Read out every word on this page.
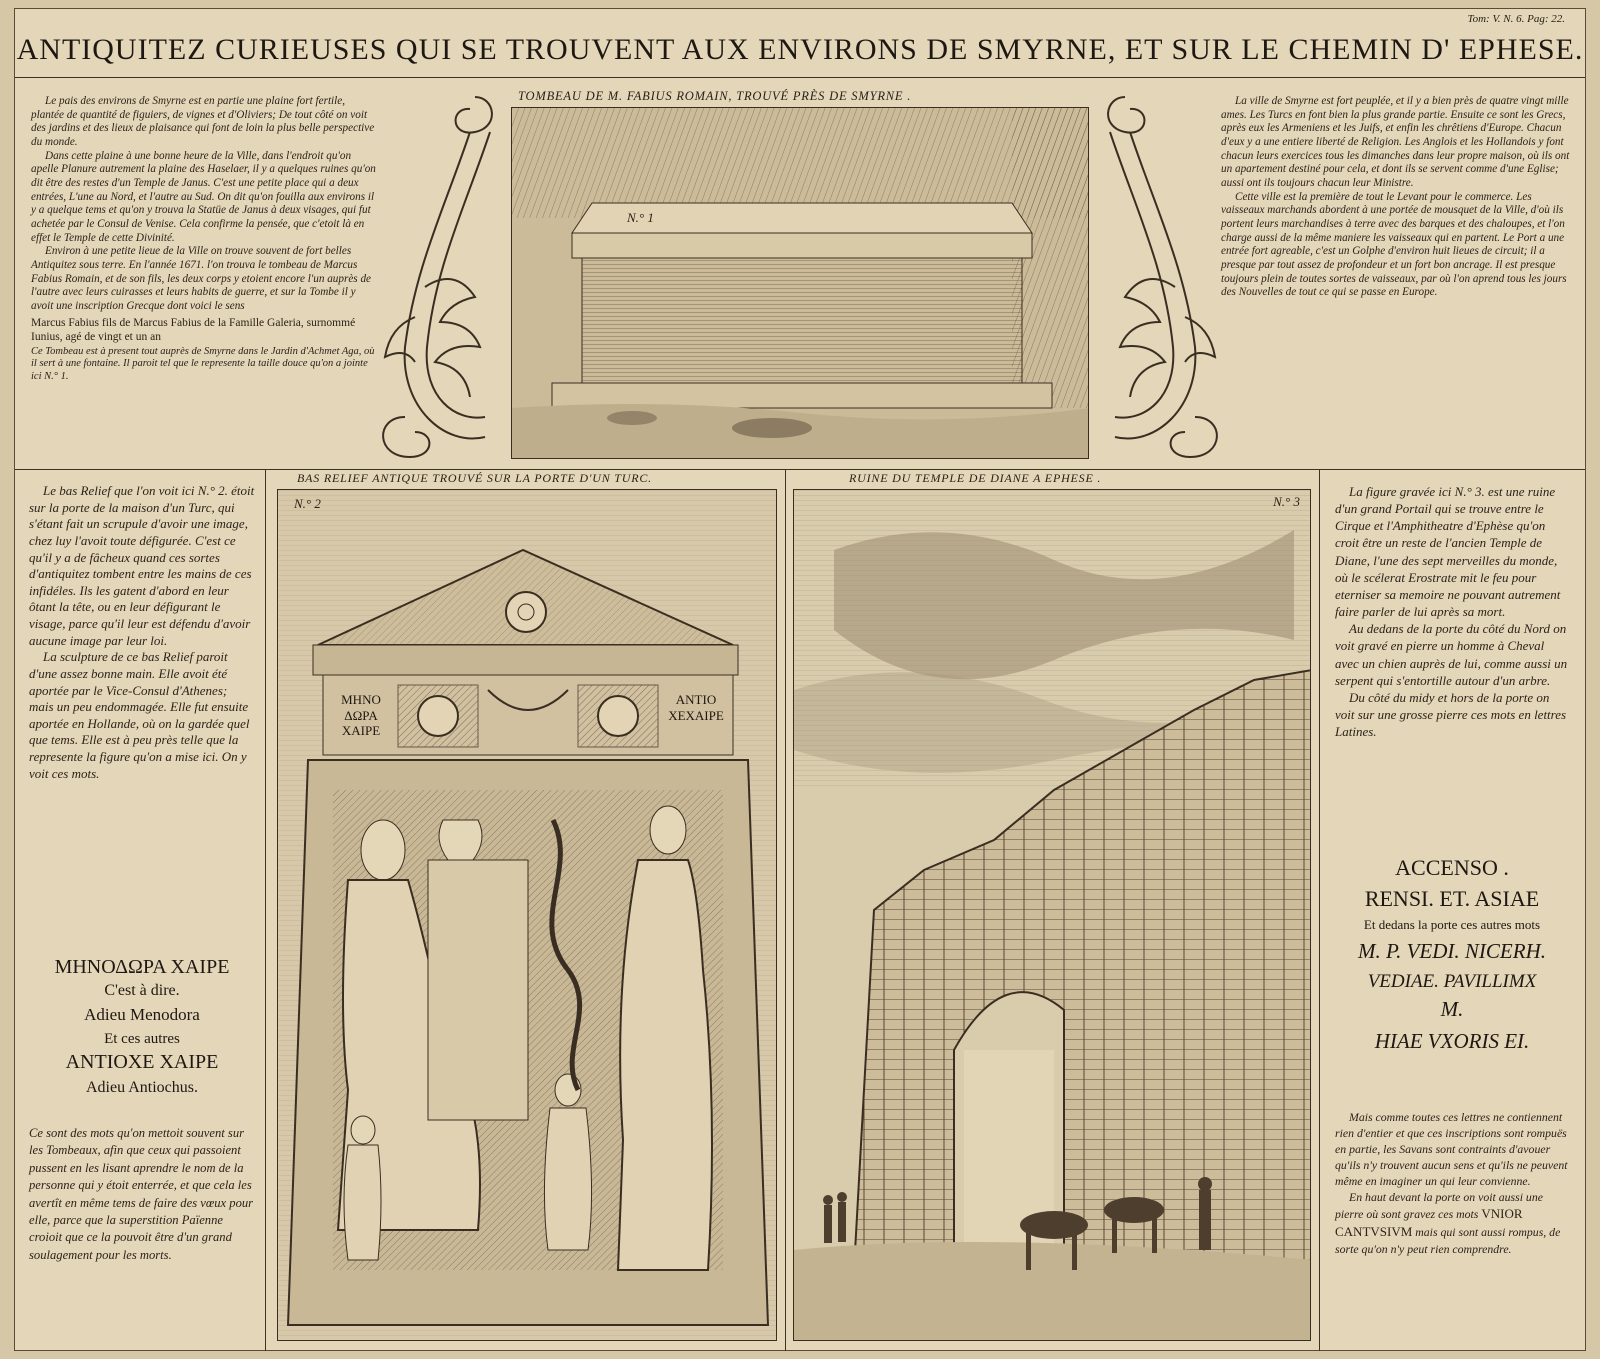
Tom: V. N. 6. Pag: 22.
ANTIQUITEZ CURIEUSES QUI SE TROUVENT AUX ENVIRONS DE SMYRNE, ET SUR LE CHEMIN D' EPHESE.

Le pais des environs de Smyrne est en partie une plaine fort fertile, plantée de quantité de figuiers, de vignes et d'Oliviers; De tout côté on voit des jardins et des lieux de plaisance qui font de loin la plus belle perspective du monde.

Dans cette plaine à une bonne heure de la Ville, dans l'endroit qu'on apelle Planure autrement la plaine des Haselaer, il y a quelques ruines qu'on dit être des restes d'un Temple de Janus. C'est une petite place qui a deux entrées, L'une au Nord, et l'autre au Sud. On dit qu'on fouilla aux environs il y a quelque tems et qu'on y trouva la Statüe de Janus à deux visages, qui fut achetée par le Consul de Venise. Cela confirme la pensée, que c'etoit là en effet le Temple de cette Divinité.

Environ à une petite lieue de la Ville on trouve souvent de fort belles Antiquitez sous terre. En l'année 1671. l'on trouva le tombeau de Marcus Fabius Romain, et de son fils, les deux corps y etoient encore l'un auprès de l'autre avec leurs cuirasses et leurs habits de guerre, et sur la Tombe il y avoit une inscription Grecque dont voici le sens

Marcus Fabius fils de Marcus Fabius de la Famille Galeria, surnommé Iunius, agé de vingt et un an
Ce Tombeau est à present tout auprès de Smyrne dans le Jardin d'Achmet Aga, où il sert à une fontaine. Il paroit tel que le represente la taille douce qu'on a jointe ici N.° 1.
TOMBEAU DE M. FABIUS ROMAIN, TROUVÉ PRÈS DE SMYRNE .
N.° 1

La ville de Smyrne est fort peuplée, et il y a bien près de quatre vingt mille ames. Les Turcs en font bien la plus grande partie. Ensuite ce sont les Grecs, après eux les Armeniens et les Juifs, et enfin les chrêtiens d'Europe. Chacun d'eux y a une entiere liberté de Religion. Les Anglois et les Hollandois y font chacun leurs exercices tous les dimanches dans leur propre maison, où ils ont un apartement destiné pour cela, et dont ils se servent comme d'une Eglise; aussi ont ils toujours chacun leur Ministre.

Cette ville est la première de tout le Levant pour le commerce. Les vaisseaux marchands abordent à une portée de mousquet de la Ville, d'où ils portent leurs marchandises à terre avec des barques et des chaloupes, et l'on charge aussi de la même maniere les vaisseaux qui en partent. Le Port a une entrée fort agreable, c'est un Golphe d'environ huit lieues de circuit; il a presque par tout assez de profondeur et un fort bon ancrage. Il est presque toujours plein de toutes sortes de vaisseaux, par où l'on aprend tous les jours des Nouvelles de tout ce qui se passe en Europe.

Le bas Relief que l'on voit ici N.° 2. étoit sur la porte de la maison d'un Turc, qui s'étant fait un scrupule d'avoir une image, chez luy l'avoit toute défigurée. C'est ce qu'il y a de fâcheux quand ces sortes d'antiquitez tombent entre les mains de ces infidéles. Ils les gatent d'abord en leur ôtant la tête, ou en leur défigurant le visage, parce qu'il leur est défendu d'avoir aucune image par leur loi.

La sculpture de ce bas Relief paroit d'une assez bonne main. Elle avoit été aportée par le Vice-Consul d'Athenes; mais un peu endommagée. Elle fut ensuite aportée en Hollande, où on la gardée quel que tems. Elle est à peu près telle que la represente la figure qu'on a mise ici. On y voit ces mots.

ΜΗΝΟΔΩΡΑ ΧΑΙΡΕ
C'est à dire.
Adieu Menodora
Et ces autres
ΑΝΤΙΟΧΕ ΧΑΙΡΕ
Adieu Antiochus.
Ce sont des mots qu'on mettoit souvent sur les Tombeaux, afin que ceux qui passoient pussent en les lisant aprendre le nom de la personne qui y étoit enterrée, et que cela les avertît en même tems de faire des vœux pour elle, parce que la superstition Païenne croioit que ce la pouvoit être d'un grand soulagement pour les morts.
BAS RELIEF ANTIQUE TROUVÉ SUR LA PORTE D'UN TURC.
N.° 2
ΜΗΝΟ ΔΩΡΑ ΧΑΙΡΕ
ΑΝΤΙΟ ΧΕΧΑΙΡΕ
RUINE DU TEMPLE DE DIANE A EPHESE .
N.° 3

La figure gravée ici N.° 3. est une ruine d'un grand Portail qui se trouve entre le Cirque et l'Amphitheatre d'Ephèse qu'on croit être un reste de l'ancien Temple de Diane, l'une des sept merveilles du monde, où le scélerat Erostrate mit le feu pour eterniser sa memoire ne pouvant autrement faire parler de lui après sa mort.

Au dedans de la porte du côté du Nord on voit gravé en pierre un homme à Cheval avec un chien auprès de lui, comme aussi un serpent qui s'entortille autour d'un arbre.

Du côté du midy et hors de la porte on voit sur une grosse pierre ces mots en lettres Latines.

ACCENSO .
RENSI. ET. ASIAE
Et dedans la porte ces autres mots
M. P. VEDI. NICERH.
VEDIAE. PAVILLIMX
M.
HIAE VXORIS EI.

Mais comme toutes ces lettres ne contiennent rien d'entier et que ces inscriptions sont rompuës en partie, les Savans sont contraints d'avouer qu'ils n'y trouvent aucun sens et qu'ils ne peuvent même en imaginer un qui leur convienne.

En haut devant la porte on voit aussi une pierre où sont gravez ces mots VNIOR CANTVSIVM mais qui sont aussi rompus, de sorte qu'on n'y peut rien comprendre.
